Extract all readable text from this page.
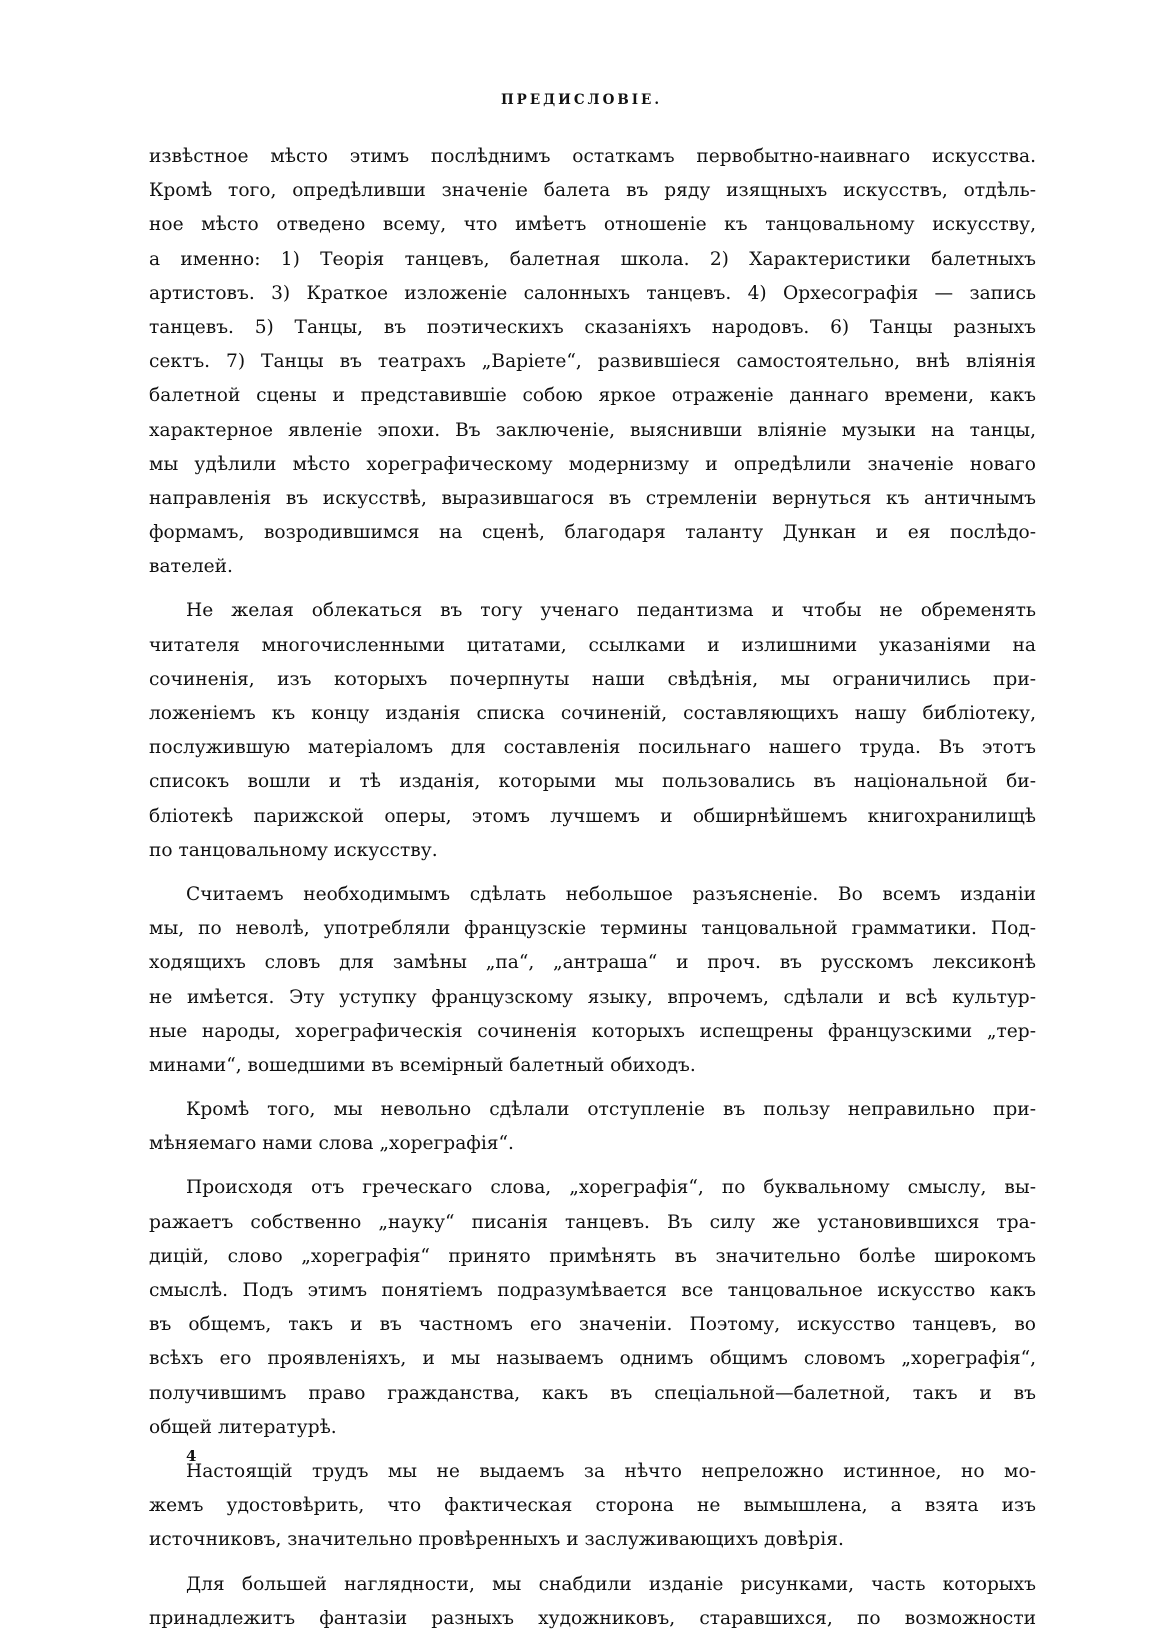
ПРЕДИСЛОВІЕ.
извѣстное мѣсто этимъ послѣднимъ остаткамъ первобытно-наивнаго искусства.
Кромѣ того, опредѣливши значеніе балета въ ряду изящныхъ искусствъ, отдѣль-
ное мѣсто отведено всему, что имѣетъ отношеніе къ танцовальному искусству,
а именно: 1) Теорія танцевъ, балетная школа. 2) Характеристики балетныхъ
артистовъ. 3) Краткое изложеніе салонныхъ танцевъ. 4) Орхесографія — запись
танцевъ. 5) Танцы, въ поэтическихъ сказаніяхъ народовъ. 6) Танцы разныхъ
сектъ. 7) Танцы въ театрахъ „Варіете“, развившіеся самостоятельно, внѣ вліянія
балетной сцены и представившіе собою яркое отраженіе даннаго времени, какъ
характерное явленіе эпохи. Въ заключеніе, выяснивши вліяніе музыки на танцы,
мы удѣлили мѣсто хореграфическому модернизму и опредѣлили значеніе новаго
направленія въ искусствѣ, выразившагося въ стремленіи вернуться къ античнымъ
формамъ, возродившимся на сценѣ, благодаря таланту Дункан и ея послѣдо-
вателей.
Не желая облекаться въ тогу ученаго педантизма и чтобы не обременять
читателя многочисленными цитатами, ссылками и излишними указаніями на
сочиненія, изъ которыхъ почерпнуты наши свѣдѣнія, мы ограничились при-
ложеніемъ къ концу изданія списка сочиненій, составляющихъ нашу библіотеку,
послужившую матеріаломъ для составленія посильнаго нашего труда. Въ этотъ
списокъ вошли и тѣ изданія, которыми мы пользовались въ національной би-
бліотекѣ парижской оперы, этомъ лучшемъ и обширнѣйшемъ книгохранилищѣ
по танцовальному искусству.
Считаемъ необходимымъ сдѣлать небольшое разъясненіе. Во всемъ изданіи
мы, по неволѣ, употребляли французскіе термины танцовальной грамматики. Под-
ходящихъ словъ для замѣны „па“, „антраша“ и проч. въ русскомъ лексиконѣ
не имѣется. Эту уступку французскому языку, впрочемъ, сдѣлали и всѣ культур-
ные народы, хореграфическія сочиненія которыхъ испещрены французскими „тер-
минами“, вошедшими въ всемірный балетный обиходъ.
Кромѣ того, мы невольно сдѣлали отступленіе въ пользу неправильно при-
мѣняемаго нами слова „хореграфія“.
Происходя отъ греческаго слова, „хореграфія“, по буквальному смыслу, вы-
ражаетъ собственно „науку“ писанія танцевъ. Въ силу же установившихся тра-
дицій, слово „хореграфія“ принято примѣнять въ значительно болѣе широкомъ
смыслѣ. Подъ этимъ понятіемъ подразумѣвается все танцовальное искусство какъ
въ общемъ, такъ и въ частномъ его значеніи. Поэтому, искусство танцевъ, во
всѣхъ его проявленіяхъ, и мы называемъ однимъ общимъ словомъ „хореграфія“,
получившимъ право гражданства, какъ въ спеціальной—балетной, такъ и въ
общей литературѣ.
Настоящій трудъ мы не выдаемъ за нѣчто непреложно истинное, но мо-
жемъ удостовѣрить, что фактическая сторона не вымышлена, а взята изъ
источниковъ, значительно провѣренныхъ и заслуживающихъ довѣрія.
Для большей наглядности, мы снабдили изданіе рисунками, часть которыхъ
принадлежитъ фантазіи разныхъ художниковъ, старавшихся, по возможности
4
